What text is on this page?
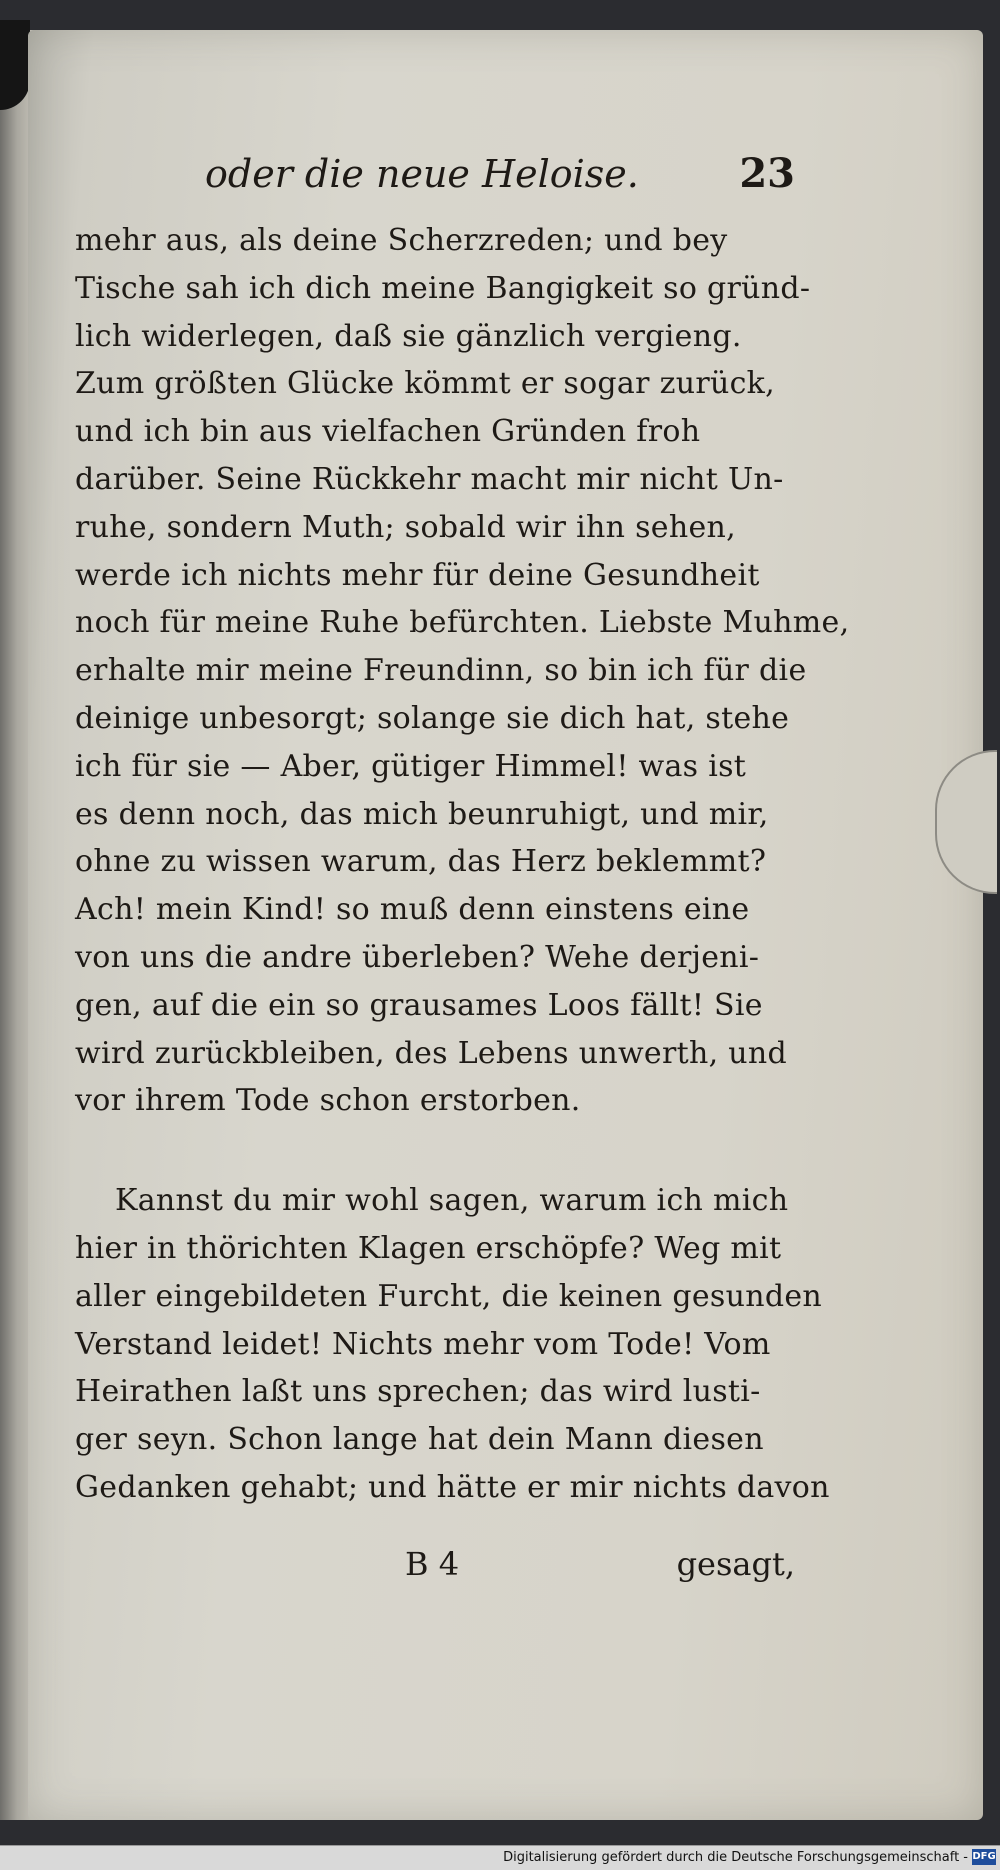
oder die neue Heloise.	23
mehr aus, als deine Scherzreden; und bey
Tische sah ich dich meine Bangigkeit so gründ-
lich widerlegen, daß sie gänzlich vergieng.
Zum größten Glücke kömmt er sogar zurück,
und ich bin aus vielfachen Gründen froh
darüber. Seine Rückkehr macht mir nicht Un-
ruhe, sondern Muth; sobald wir ihn sehen,
werde ich nichts mehr für deine Gesundheit
noch für meine Ruhe befürchten. Liebste Muhme,
erhalte mir meine Freundinn, so bin ich für die
deinige unbesorgt; solange sie dich hat, stehe
ich für sie — Aber, gütiger Himmel! was ist
es denn noch, das mich beunruhigt, und mir,
ohne zu wissen warum, das Herz beklemmt?
Ach! mein Kind! so muß denn einstens eine
von uns die andre überleben? Wehe derjeni-
gen, auf die ein so grausames Loos fällt! Sie
wird zurückbleiben, des Lebens unwerth, und
vor ihrem Tode schon erstorben.
Kannst du mir wohl sagen, warum ich mich
hier in thörichten Klagen erschöpfe? Weg mit
aller eingebildeten Furcht, die keinen gesunden
Verstand leidet! Nichts mehr vom Tode! Vom
Heirathen laßt uns sprechen; das wird lusti-
ger seyn. Schon lange hat dein Mann diesen
Gedanken gehabt; und hätte er mir nichts davon
B 4	gesagt,
Digitalisierung gefördert durch die Deutsche Forschungsgemeinschaft - DFG
